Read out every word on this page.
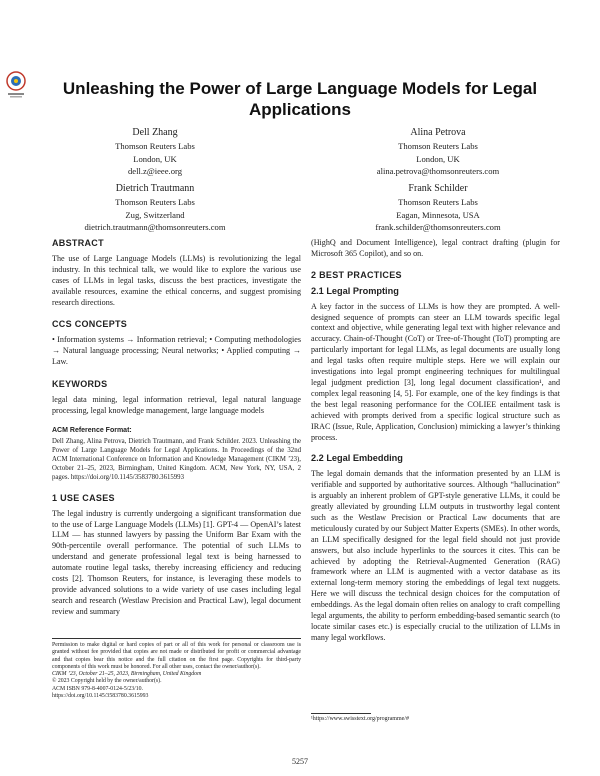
Unleashing the Power of Large Language Models for Legal Applications
Dell Zhang
Thomson Reuters Labs
London, UK
dell.z@ieee.org
Alina Petrova
Thomson Reuters Labs
London, UK
alina.petrova@thomsonreuters.com
Dietrich Trautmann
Thomson Reuters Labs
Zug, Switzerland
dietrich.trautmann@thomsonreuters.com
Frank Schilder
Thomson Reuters Labs
Eagan, Minnesota, USA
frank.schilder@thomsonreuters.com
ABSTRACT

The use of Large Language Models (LLMs) is revolutionizing the legal industry. In this technical talk, we would like to explore the various use cases of LLMs in legal tasks, discuss the best practices, investigate the available resources, examine the ethical concerns, and suggest promising research directions.

CCS CONCEPTS

• Information systems → Information retrieval; • Computing methodologies → Natural language processing; Neural networks; • Applied computing → Law.

KEYWORDS

legal data mining, legal information retrieval, legal natural language processing, legal knowledge management, large language models

ACM Reference Format:

Dell Zhang, Alina Petrova, Dietrich Trautmann, and Frank Schilder. 2023. Unleashing the Power of Large Language Models for Legal Applications. In Proceedings of the 32nd ACM International Conference on Information and Knowledge Management (CIKM ’23), October 21–25, 2023, Birmingham, United Kingdom. ACM, New York, NY, USA, 2 pages. https://doi.org/10.1145/3583780.3615993

1 USE CASES

The legal industry is currently undergoing a significant transformation due to the use of Large Language Models (LLMs) [1]. GPT-4 — OpenAI’s latest LLM — has stunned lawyers by passing the Uniform Bar Exam with the 90th-percentile overall performance. The potential of such LLMs to understand and generate professional legal text is being harnessed to automate routine legal tasks, thereby increasing efficiency and reducing costs [2]. Thomson Reuters, for instance, is leveraging these models to provide advanced solutions to a wide variety of use cases including legal search and research (Westlaw Precision and Practical Law), legal document review and summary

Permission to make digital or hard copies of part or all of this work for personal or classroom use is granted without fee provided that copies are not made or distributed for profit or commercial advantage and that copies bear this notice and the full citation on the first page. Copyrights for third-party components of this work must be honored. For all other uses, contact the owner/author(s).

CIKM ’23, October 21–25, 2023, Birmingham, United Kingdom

© 2023 Copyright held by the owner/author(s).

ACM ISBN 979-8-4007-0124-5/23/10.

https://doi.org/10.1145/3583780.3615993

(HighQ and Document Intelligence), legal contract drafting (plugin for Microsoft 365 Copilot), and so on.

2 BEST PRACTICES
2.1 Legal Prompting

A key factor in the success of LLMs is how they are prompted. A well-designed sequence of prompts can steer an LLM towards specific legal context and objective, while generating legal text with higher relevance and accuracy. Chain-of-Thought (CoT) or Tree-of-Thought (ToT) prompting are particularly important for legal LLMs, as legal documents are usually long and legal tasks often require multiple steps. Here we will explain our investigations into legal prompt engineering techniques for multilingual legal judgment prediction [3], long legal document classification¹, and complex legal reasoning [4, 5]. For example, one of the key findings is that the best legal reasoning performance for the COLIEE entailment task is achieved with prompts derived from a specific logical structure such as IRAC (Issue, Rule, Application, Conclusion) mimicking a lawyer’s thinking process.

2.2 Legal Embedding

The legal domain demands that the information presented by an LLM is verifiable and supported by authoritative sources. Although “hallucination” is arguably an inherent problem of GPT-style generative LLMs, it could be greatly alleviated by grounding LLM outputs in trustworthy legal content such as the Westlaw Precision or Practical Law documents that are meticulously curated by our Subject Matter Experts (SMEs). In other words, an LLM specifically designed for the legal field should not just provide answers, but also include hyperlinks to the sources it cites. This can be achieved by adopting the Retrieval-Augmented Generation (RAG) framework where an LLM is augmented with a vector database as its external long-term memory storing the embeddings of legal text nuggets. Here we will discuss the technical design choices for the computation of embeddings. As the legal domain often relies on analogy to craft compelling legal arguments, the ability to perform embedding-based semantic search (to locate similar cases etc.) is especially crucial to the utilization of LLMs in many legal workflows.

¹https://www.swisstext.org/programme/#
5257
